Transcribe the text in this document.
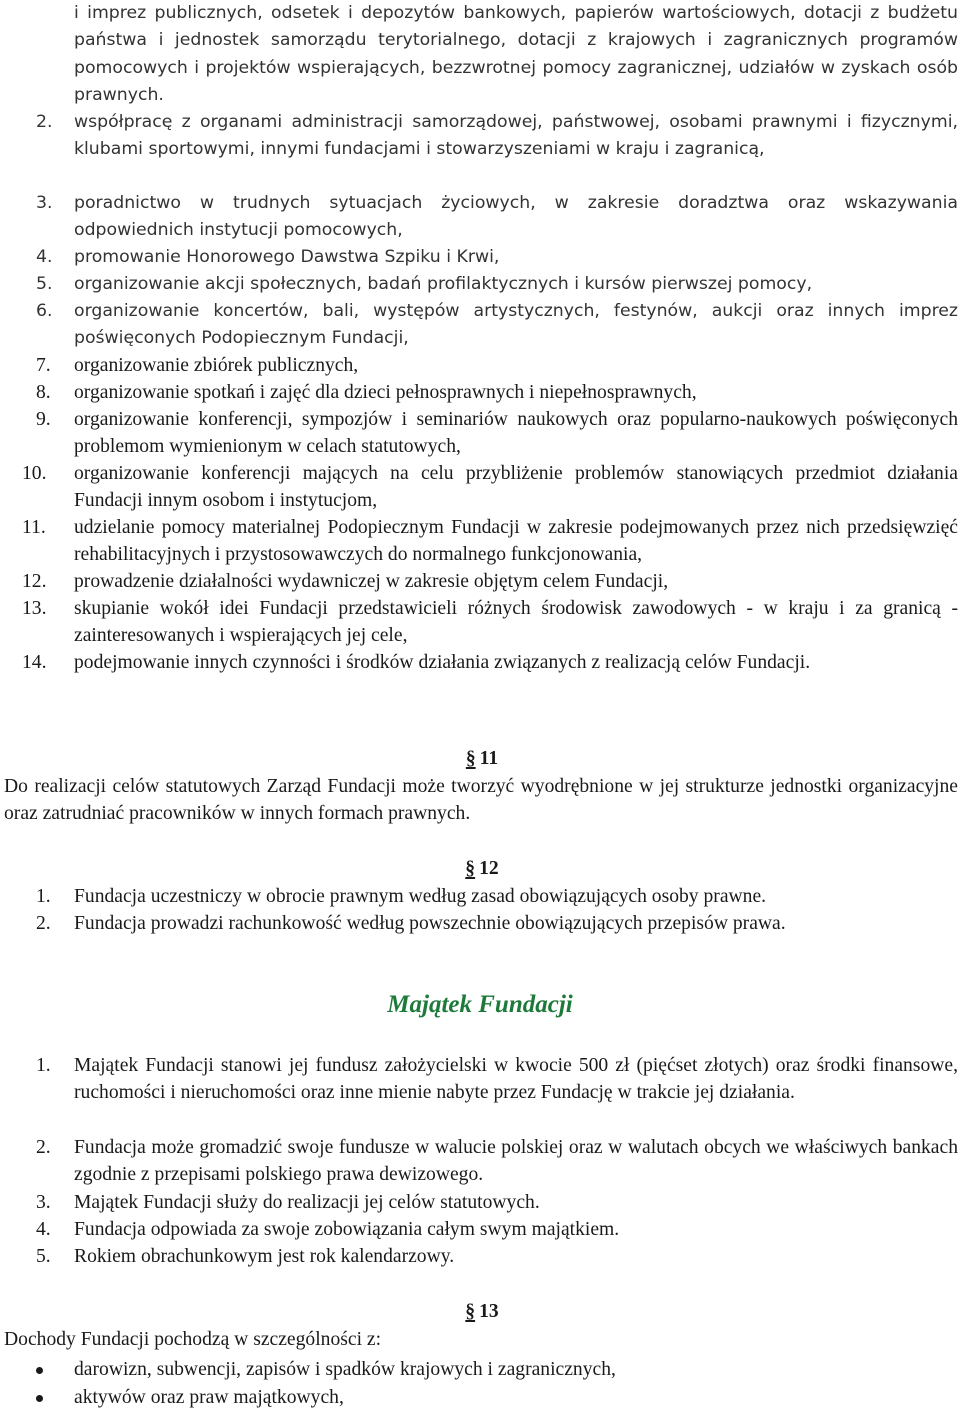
i imprez publicznych, odsetek i depozytów bankowych, papierów wartościowych, dotacji z budżetu państwa i jednostek samorządu terytorialnego, dotacji z krajowych i zagranicznych programów pomocowych i projektów wspierających, bezzwrotnej pomocy zagranicznej, udziałów w zyskach osób prawnych.
2. współpracę z organami administracji samorządowej, państwowej, osobami prawnymi i fizycznymi, klubami sportowymi, innymi fundacjami i stowarzyszeniami w kraju i zagranicą,
3. poradnictwo w trudnych sytuacjach życiowych, w zakresie doradztwa oraz wskazywania odpowiednich instytucji pomocowych,
4. promowanie Honorowego Dawstwa Szpiku i Krwi,
5. organizowanie akcji społecznych, badań profilaktycznych i kursów pierwszej pomocy,
6. organizowanie koncertów, bali, występów artystycznych, festynów, aukcji oraz innych imprez poświęconych Podopiecznym Fundacji,
7. organizowanie zbiórek publicznych,
8. organizowanie spotkań i zajęć dla dzieci pełnosprawnych i niepełnosprawnych,
9. organizowanie konferencji, sympozjów i seminariów naukowych oraz popularno-naukowych poświęconych problemom wymienionym w celach statutowych,
10. organizowanie konferencji mających na celu przybliżenie problemów stanowiących przedmiot działania Fundacji innym osobom i instytucjom,
11. udzielanie pomocy materialnej Podopiecznym Fundacji w zakresie podejmowanych przez nich przedsięwzięć rehabilitacyjnych i przystosowawczych do normalnego funkcjonowania,
12. prowadzenie działalności wydawniczej w zakresie objętym celem Fundacji,
13. skupianie wokół idei Fundacji przedstawicieli różnych środowisk zawodowych - w kraju i za granicą - zainteresowanych i wspierających jej cele,
14. podejmowanie innych czynności i środków działania związanych z realizacją celów Fundacji.
§ 11
Do realizacji celów statutowych Zarząd Fundacji może tworzyć wyodrębnione w jej strukturze jednostki organizacyjne oraz zatrudniać pracowników w innych formach prawnych.
§ 12
1. Fundacja uczestniczy w obrocie prawnym według zasad obowiązujących osoby prawne.
2. Fundacja prowadzi rachunkowość według powszechnie obowiązujących przepisów prawa.
Majątek Fundacji
1. Majątek Fundacji stanowi jej fundusz założycielski w kwocie 500 zł (pięćset złotych) oraz środki finansowe, ruchomości i nieruchomości oraz inne mienie nabyte przez Fundację w trakcie jej działania.
2. Fundacja może gromadzić swoje fundusze w walucie polskiej oraz w walutach obcych we właściwych bankach zgodnie z przepisami polskiego prawa dewizowego.
3. Majątek Fundacji służy do realizacji jej celów statutowych.
4. Fundacja odpowiada za swoje zobowiązania całym swym majątkiem.
5. Rokiem obrachunkowym jest rok kalendarzowy.
§ 13
Dochody Fundacji pochodzą w szczególności z:
darowizn, subwencji, zapisów i spadków krajowych i zagranicznych,
aktywów oraz praw majątkowych,
